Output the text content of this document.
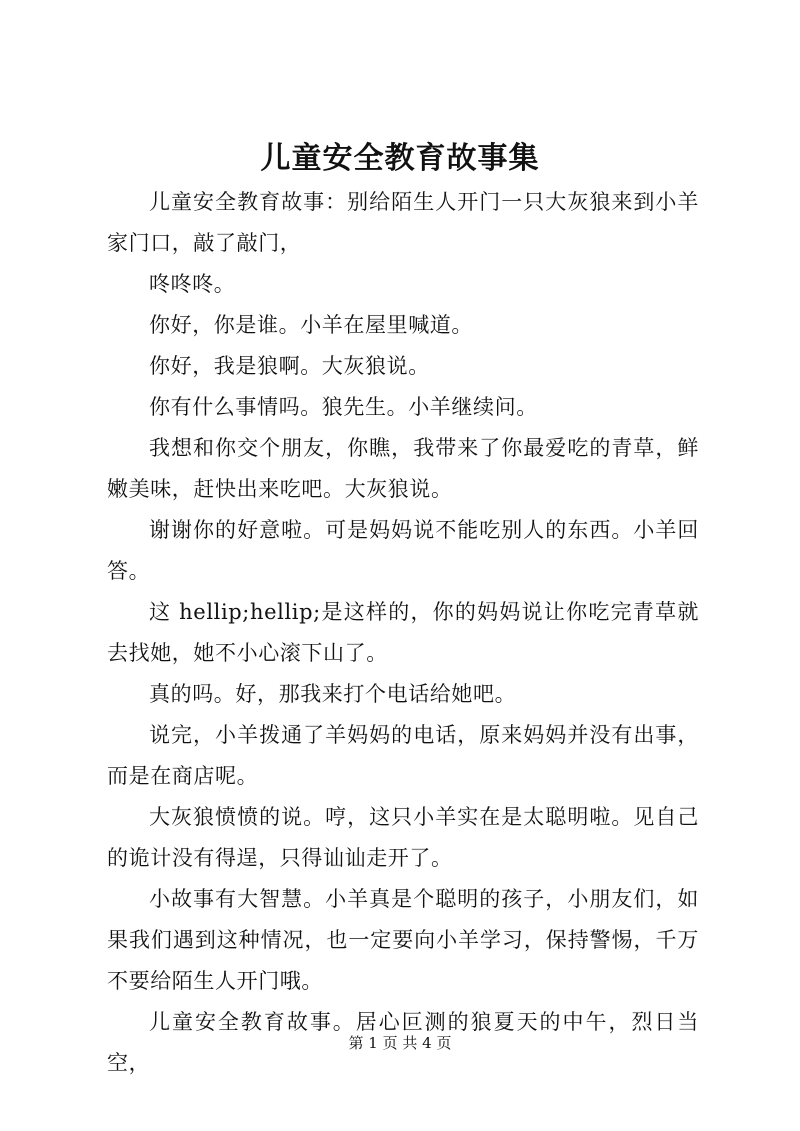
儿童安全教育故事集

儿童安全教育故事：别给陌生人开门一只大灰狼来到小羊家门口，敲了敲门，

咚咚咚。

你好，你是谁。小羊在屋里喊道。

你好，我是狼啊。大灰狼说。

你有什么事情吗。狼先生。小羊继续问。

我想和你交个朋友，你瞧，我带来了你最爱吃的青草，鲜嫩美味，赶快出来吃吧。大灰狼说。

谢谢你的好意啦。可是妈妈说不能吃别人的东西。小羊回答。

这 hellip;hellip;是这样的，你的妈妈说让你吃完青草就去找她，她不小心滚下山了。

真的吗。好，那我来打个电话给她吧。

说完，小羊拨通了羊妈妈的电话，原来妈妈并没有出事，而是在商店呢。

大灰狼愤愤的说。哼，这只小羊实在是太聪明啦。见自己的诡计没有得逞，只得讪讪走开了。

小故事有大智慧。小羊真是个聪明的孩子，小朋友们，如果我们遇到这种情况，也一定要向小羊学习，保持警惕，千万不要给陌生人开门哦。

儿童安全教育故事。居心叵测的狼夏天的中午，烈日当空，

第 1 页 共 4 页
